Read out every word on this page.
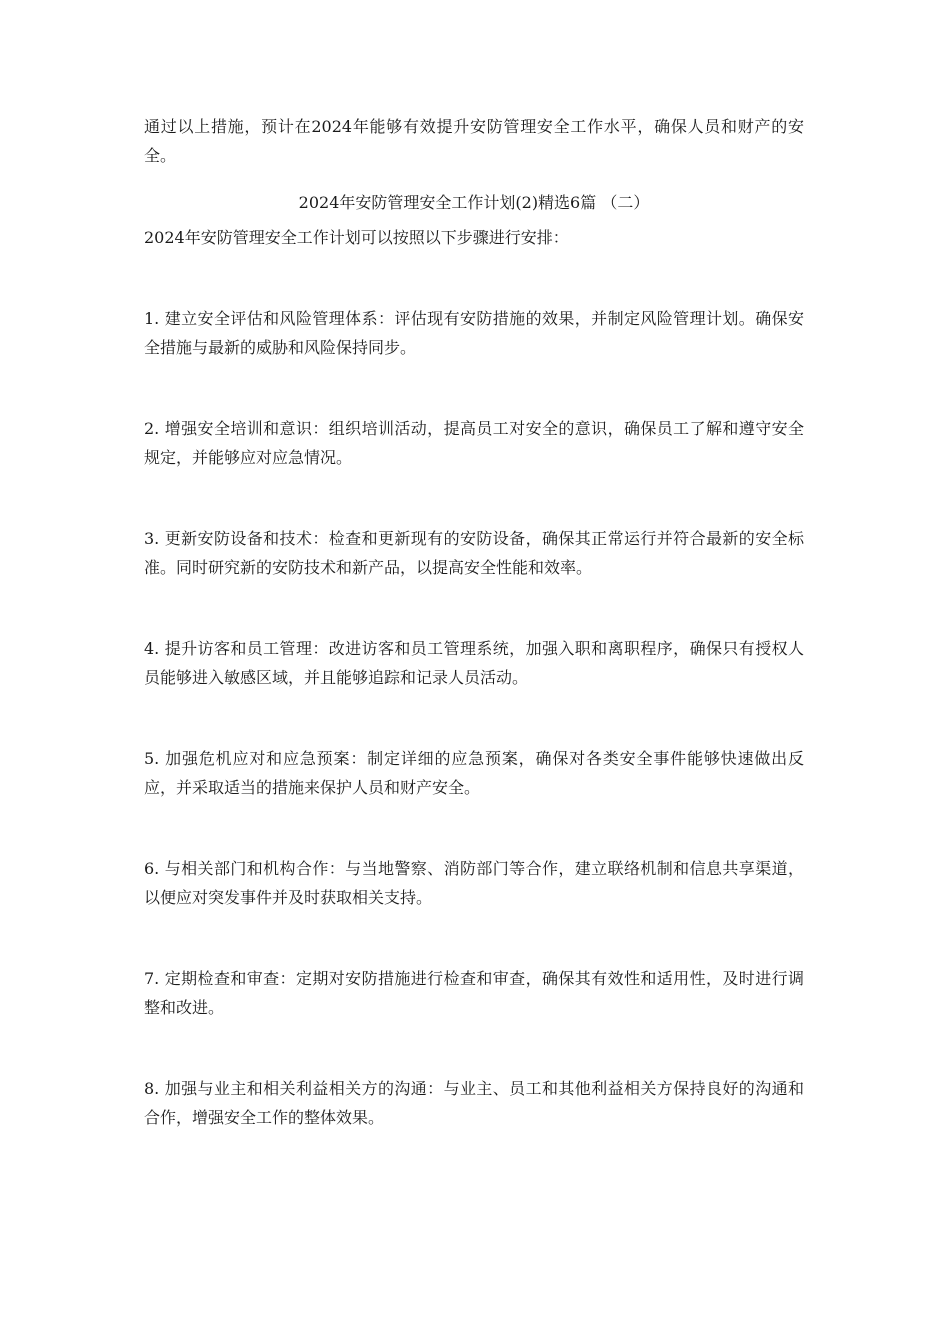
通过以上措施，预计在2024年能够有效提升安防管理安全工作水平，确保人员和财产的安全。

2024年安防管理安全工作计划(2)精选6篇 （二）

2024年安防管理安全工作计划可以按照以下步骤进行安排：

1. 建立安全评估和风险管理体系：评估现有安防措施的效果，并制定风险管理计划。确保安全措施与最新的威胁和风险保持同步。

2. 增强安全培训和意识：组织培训活动，提高员工对安全的意识，确保员工了解和遵守安全规定，并能够应对应急情况。

3. 更新安防设备和技术：检查和更新现有的安防设备，确保其正常运行并符合最新的安全标准。同时研究新的安防技术和新产品，以提高安全性能和效率。

4. 提升访客和员工管理：改进访客和员工管理系统，加强入职和离职程序，确保只有授权人员能够进入敏感区域，并且能够追踪和记录人员活动。

5. 加强危机应对和应急预案：制定详细的应急预案，确保对各类安全事件能够快速做出反应，并采取适当的措施来保护人员和财产安全。

6. 与相关部门和机构合作：与当地警察、消防部门等合作，建立联络机制和信息共享渠道，以便应对突发事件并及时获取相关支持。

7. 定期检查和审查：定期对安防措施进行检查和审查，确保其有效性和适用性，及时进行调整和改进。

8. 加强与业主和相关利益相关方的沟通：与业主、员工和其他利益相关方保持良好的沟通和合作，增强安全工作的整体效果。
